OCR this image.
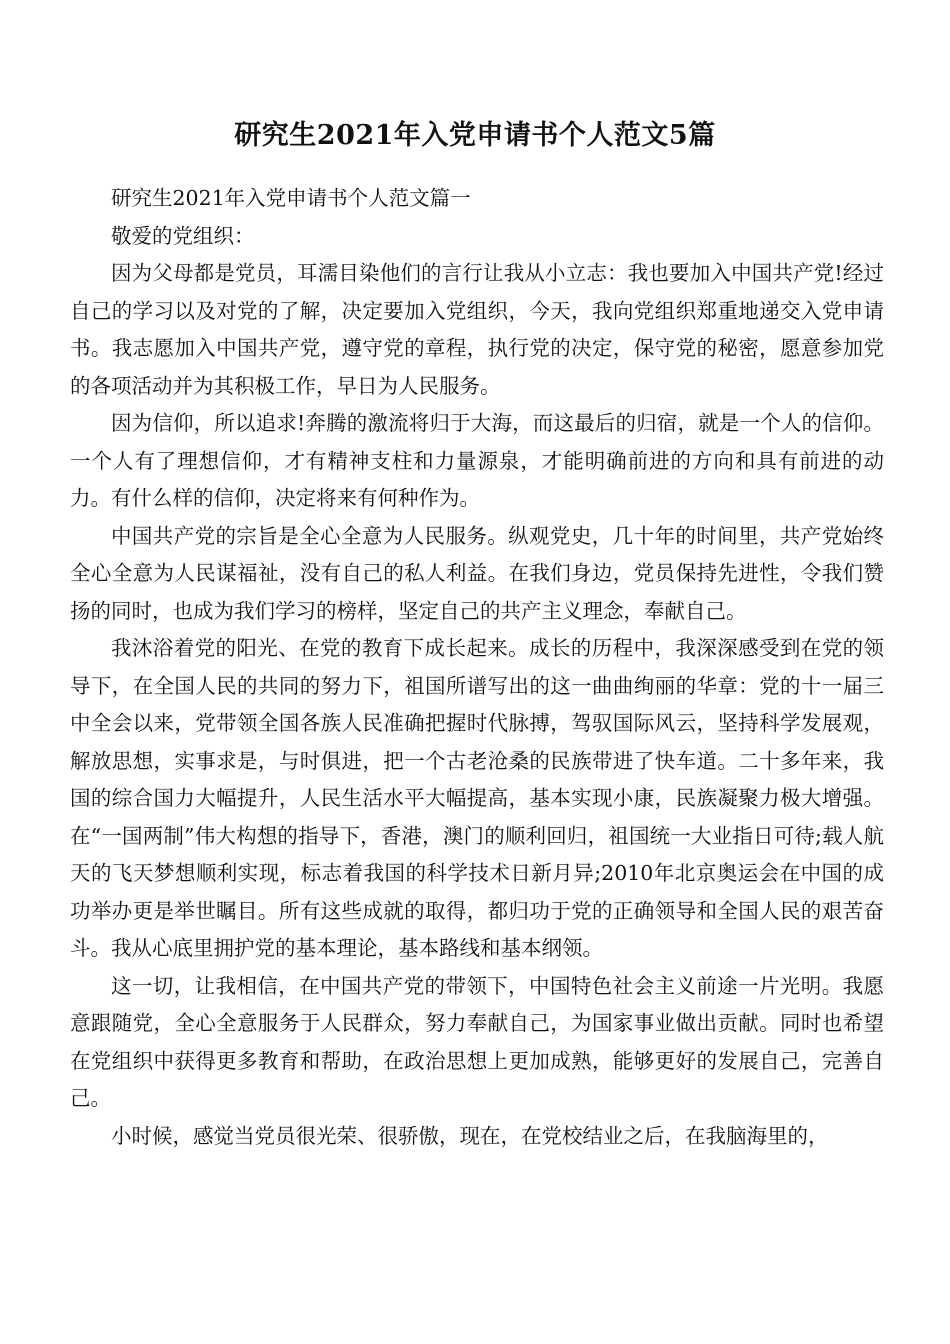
研究生2021年入党申请书个人范文5篇

研究生2021年入党申请书个人范文篇一

敬爱的党组织：

因为父母都是党员，耳濡目染他们的言行让我从小立志：我也要加入中国共产党!经过自己的学习以及对党的了解，决定要加入党组织，今天，我向党组织郑重地递交入党申请书。我志愿加入中国共产党，遵守党的章程，执行党的决定，保守党的秘密，愿意参加党的各项活动并为其积极工作，早日为人民服务。

因为信仰，所以追求!奔腾的激流将归于大海，而这最后的归宿，就是一个人的信仰。一个人有了理想信仰，才有精神支柱和力量源泉，才能明确前进的方向和具有前进的动力。有什么样的信仰，决定将来有何种作为。

中国共产党的宗旨是全心全意为人民服务。纵观党史，几十年的时间里，共产党始终全心全意为人民谋福祉，没有自己的私人利益。在我们身边，党员保持先进性，令我们赞扬的同时，也成为我们学习的榜样，坚定自己的共产主义理念，奉献自己。

我沐浴着党的阳光、在党的教育下成长起来。成长的历程中，我深深感受到在党的领导下，在全国人民的共同的努力下，祖国所谱写出的这一曲曲绚丽的华章：党的十一届三中全会以来，党带领全国各族人民准确把握时代脉搏，驾驭国际风云，坚持科学发展观，解放思想，实事求是，与时俱进，把一个古老沧桑的民族带进了快车道。二十多年来，我国的综合国力大幅提升，人民生活水平大幅提高，基本实现小康，民族凝聚力极大增强。在“一国两制”伟大构想的指导下，香港，澳门的顺利回归，祖国统一大业指日可待;载人航天的飞天梦想顺利实现，标志着我国的科学技术日新月异;2010年北京奥运会在中国的成功举办更是举世瞩目。所有这些成就的取得，都归功于党的正确领导和全国人民的艰苦奋斗。我从心底里拥护党的基本理论，基本路线和基本纲领。

这一切，让我相信，在中国共产党的带领下，中国特色社会主义前途一片光明。我愿意跟随党，全心全意服务于人民群众，努力奉献自己，为国家事业做出贡献。同时也希望在党组织中获得更多教育和帮助，在政治思想上更加成熟，能够更好的发展自己，完善自己。

小时候，感觉当党员很光荣、很骄傲，现在，在党校结业之后，在我脑海里的，
